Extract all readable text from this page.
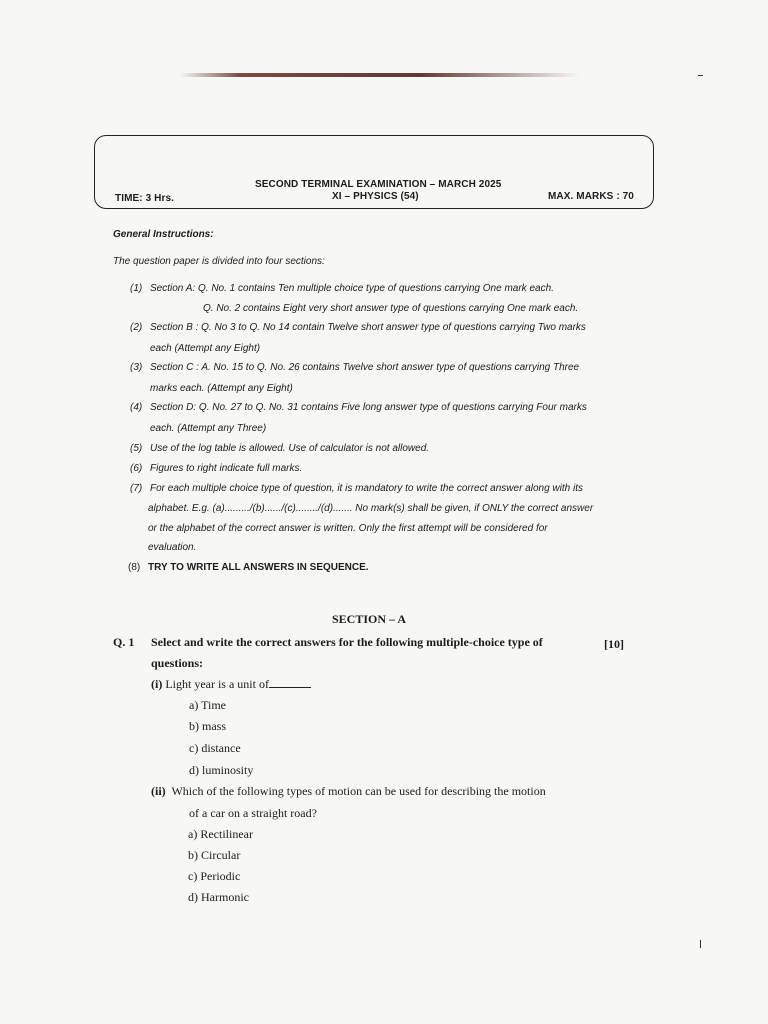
SECOND TERMINAL EXAMINATION – MARCH 2025
XI – PHYSICS (54)
TIME: 3 Hrs.	MAX. MARKS : 70
General Instructions:
The question paper is divided into four sections:
(1) Section A: Q. No. 1 contains Ten multiple choice type of questions carrying One mark each.
Q. No. 2 contains Eight very short answer type of questions carrying One mark each.
(2) Section B : Q. No 3 to Q. No 14 contain Twelve short answer type of questions carrying Two marks
each (Attempt any Eight)
(3) Section C : A. No. 15 to Q. No. 26 contains Twelve short answer type of questions carrying Three
marks each. (Attempt any Eight)
(4) Section D: Q. No. 27 to Q. No. 31 contains Five long answer type of questions carrying Four marks
each. (Attempt any Three)
(5) Use of the log table is allowed. Use of calculator is not allowed.
(6) Figures to right indicate full marks.
(7) For each multiple choice type of question, it is mandatory to write the correct answer along with its
alphabet. E.g. (a)........./(b)....../(c)......../(d)....... No mark(s) shall be given, if ONLY the correct answer
or the alphabet of the correct answer is written. Only the first attempt will be considered for
evaluation.
(8) TRY TO WRITE ALL ANSWERS IN SEQUENCE.
SECTION – A
Q. 1 Select and write the correct answers for the following multiple-choice type of
questions:
[10]
(i) Light year is a unit of
a) Time
b) mass
c) distance
d) luminosity
(ii) Which of the following types of motion can be used for describing the motion
of a car on a straight road?
a) Rectilinear
b) Circular
c) Periodic
d) Harmonic
